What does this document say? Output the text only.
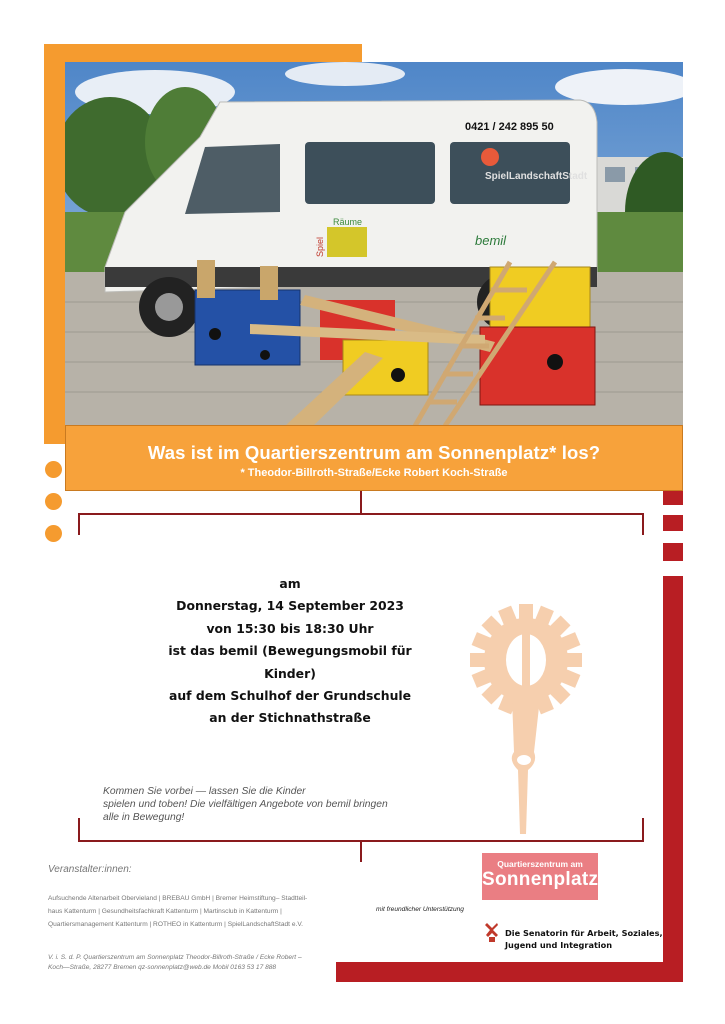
0421 / 242 895 50
SpielLandschaftStadt
Räume
Spiel	bemil
Was ist im Quartierszentrum am Sonnenplatz* los?
* Theodor-Billroth-Straße/Ecke Robert Koch-Straße
am
Donnerstag, 14 September 2023
von 15:30 bis 18:30 Uhr
ist das bemil (Bewegungsmobil für
Kinder)
auf dem Schulhof der Grundschule
an der Stichnathstraße
Kommen Sie vorbei — lassen Sie die Kinder
spielen und toben! Die vielfältigen Angebote von bemil bringen
alle in Bewegung!
Veranstalter:innen:
Aufsuchende Altenarbeit Obervieland | BREBAU GmbH | Bremer Heimstiftung– Stadtteil-
haus Kattenturm | Gesundheitsfachkraft Kattenturm | Martinsclub in Kattenturm |
Quartiersmanagement Kattenturm | ROTHEO in Kattenturm | SpielLandschaftStadt e.V.
V. i. S. d. P. Quartierszentrum am Sonnenplatz Theodor-Billroth-Straße / Ecke Robert –
Koch—Straße, 28277 Bremen qz-sonnenplatz@web.de Mobil 0163 53 17 888
mit freundlicher Unterstützung
Quartierszentrum am
Sonnenplatz
Die Senatorin für Arbeit, Soziales,
Jugend und Integration
